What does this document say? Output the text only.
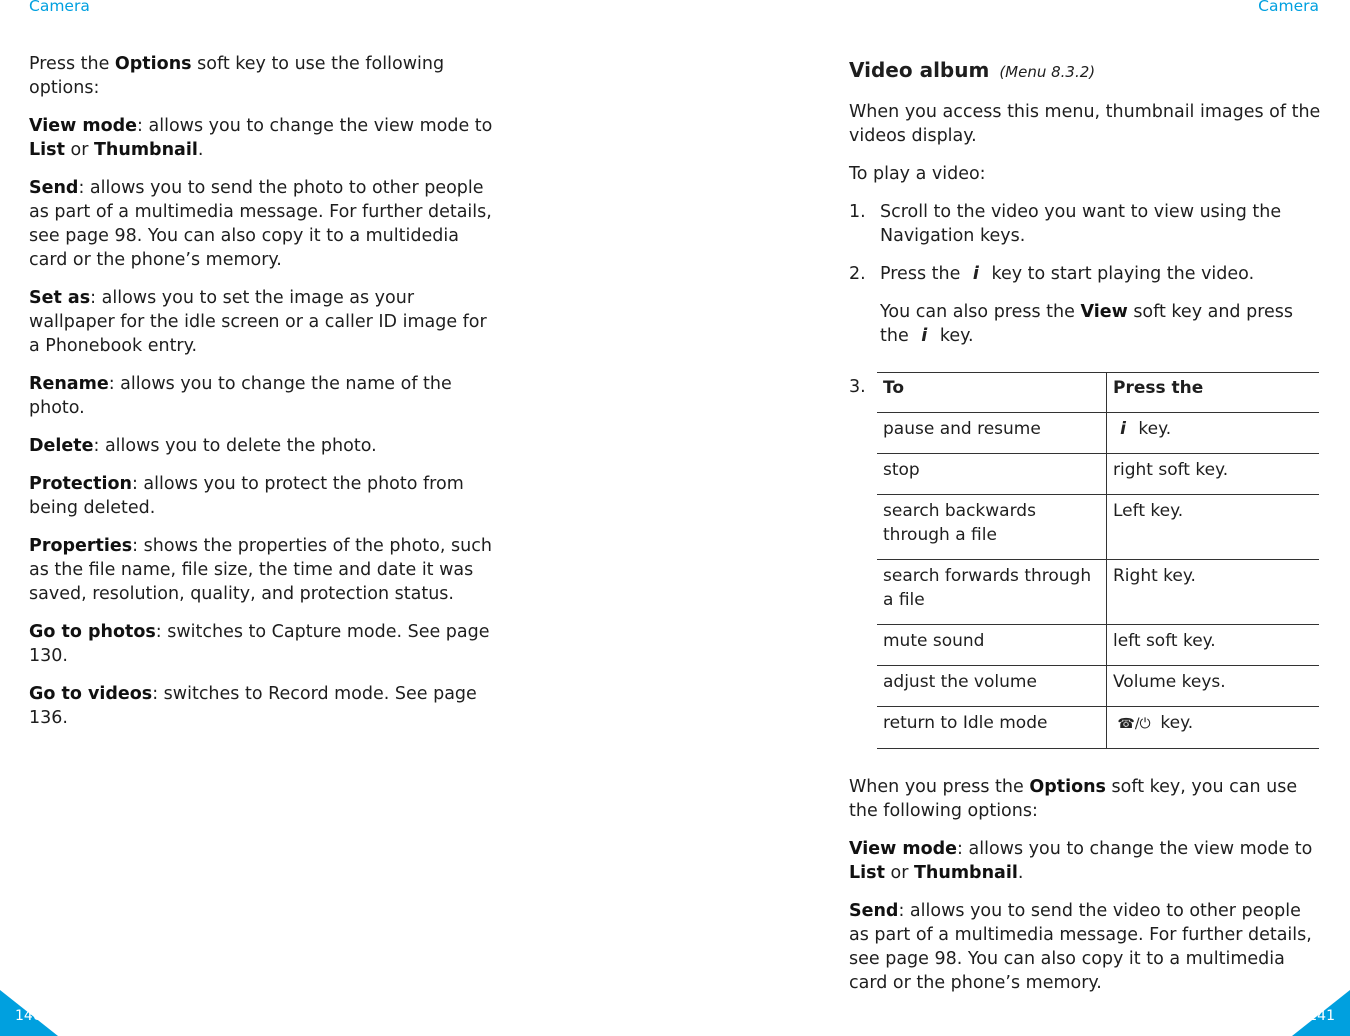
Camera	Camera

Press the Options soft key to use the following options:

View mode: allows you to change the view mode to List or Thumbnail.

Send: allows you to send the photo to other people as part of a multimedia message. For further details, see page 98. You can also copy it to a multidedia card or the phone’s memory.

Set as: allows you to set the image as your wallpaper for the idle screen or a caller ID image for a Phonebook entry.

Rename: allows you to change the name of the photo.

Delete: allows you to delete the photo.

Protection: allows you to protect the photo from being deleted.

Properties: shows the properties of the photo, such as the file name, file size, the time and date it was saved, resolution, quality, and protection status.

Go to photos: switches to Capture mode. See page 130.

Go to videos: switches to Record mode. See page 136.

Video album (Menu 8.3.2)

When you access this menu, thumbnail images of the videos display.

To play a video:

1. Scroll to the video you want to view using the Navigation keys.
2. Press the i key to start playing the video.
You can also press the View soft key and press the i key.
3. To	Press the
pause and resume	i key.
stop	right soft key.
search backwards through a file	Left key.
search forwards through a file	Right key.
mute sound	left soft key.
adjust the volume	Volume keys.
return to Idle mode	☎/⏻ key.

When you press the Options soft key, you can use the following options:

View mode: allows you to change the view mode to List or Thumbnail.

Send: allows you to send the video to other people as part of a multimedia message. For further details, see page 98. You can also copy it to a multimedia card or the phone’s memory.

140	141
